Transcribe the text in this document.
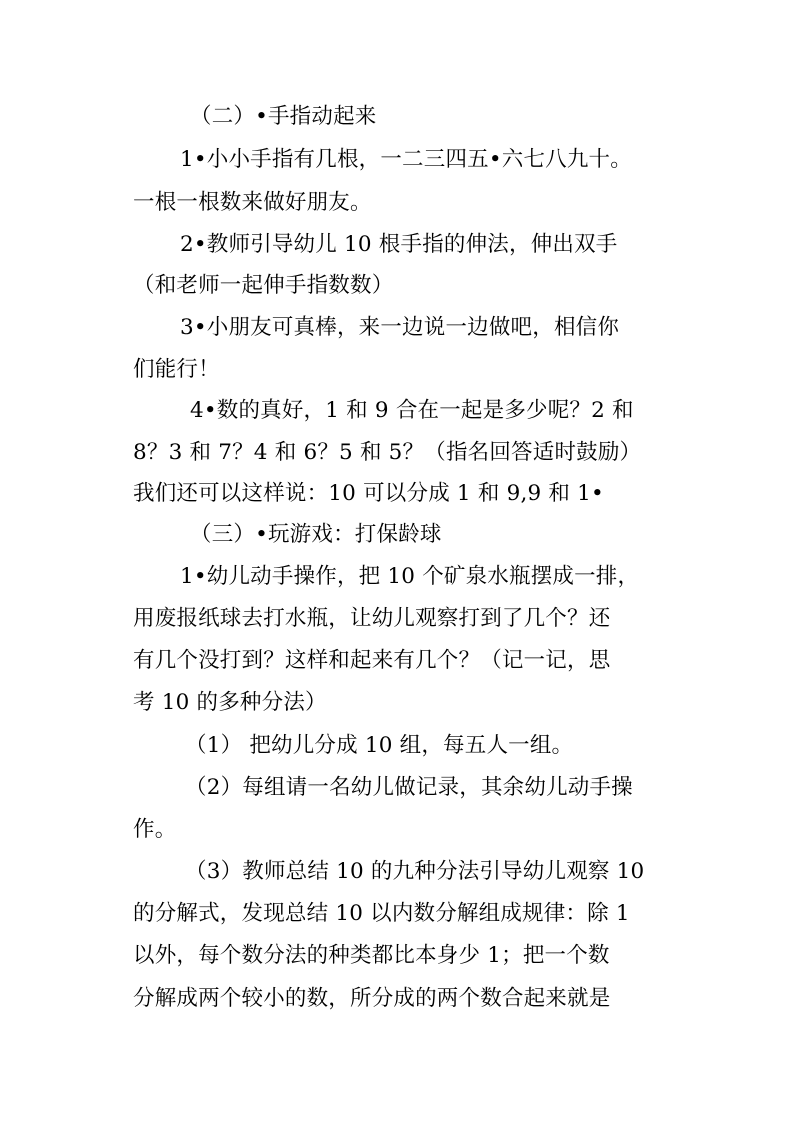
（二）•手指动起来
1•小小手指有几根，一二三四五•六七八九十。
一根一根数来做好朋友。
2•教师引导幼儿 10 根手指的伸法，伸出双手
（和老师一起伸手指数数）
3•小朋友可真棒，来一边说一边做吧，相信你
们能行！
4•数的真好，1 和 9 合在一起是多少呢？2 和
8？3 和 7？4 和 6？5 和 5？（指名回答适时鼓励）
我们还可以这样说：10 可以分成 1 和 9,9 和 1•
（三）•玩游戏：打保龄球
1•幼儿动手操作，把 10 个矿泉水瓶摆成一排，
用废报纸球去打水瓶，让幼儿观察打到了几个？还
有几个没打到？这样和起来有几个？（记一记，思
考 10 的多种分法）
（1） 把幼儿分成 10 组，每五人一组。
（2）每组请一名幼儿做记录，其余幼儿动手操
作。
（3）教师总结 10 的九种分法引导幼儿观察 10
的分解式，发现总结 10 以内数分解组成规律：除 1
以外，每个数分法的种类都比本身少 1；把一个数
分解成两个较小的数，所分成的两个数合起来就是
